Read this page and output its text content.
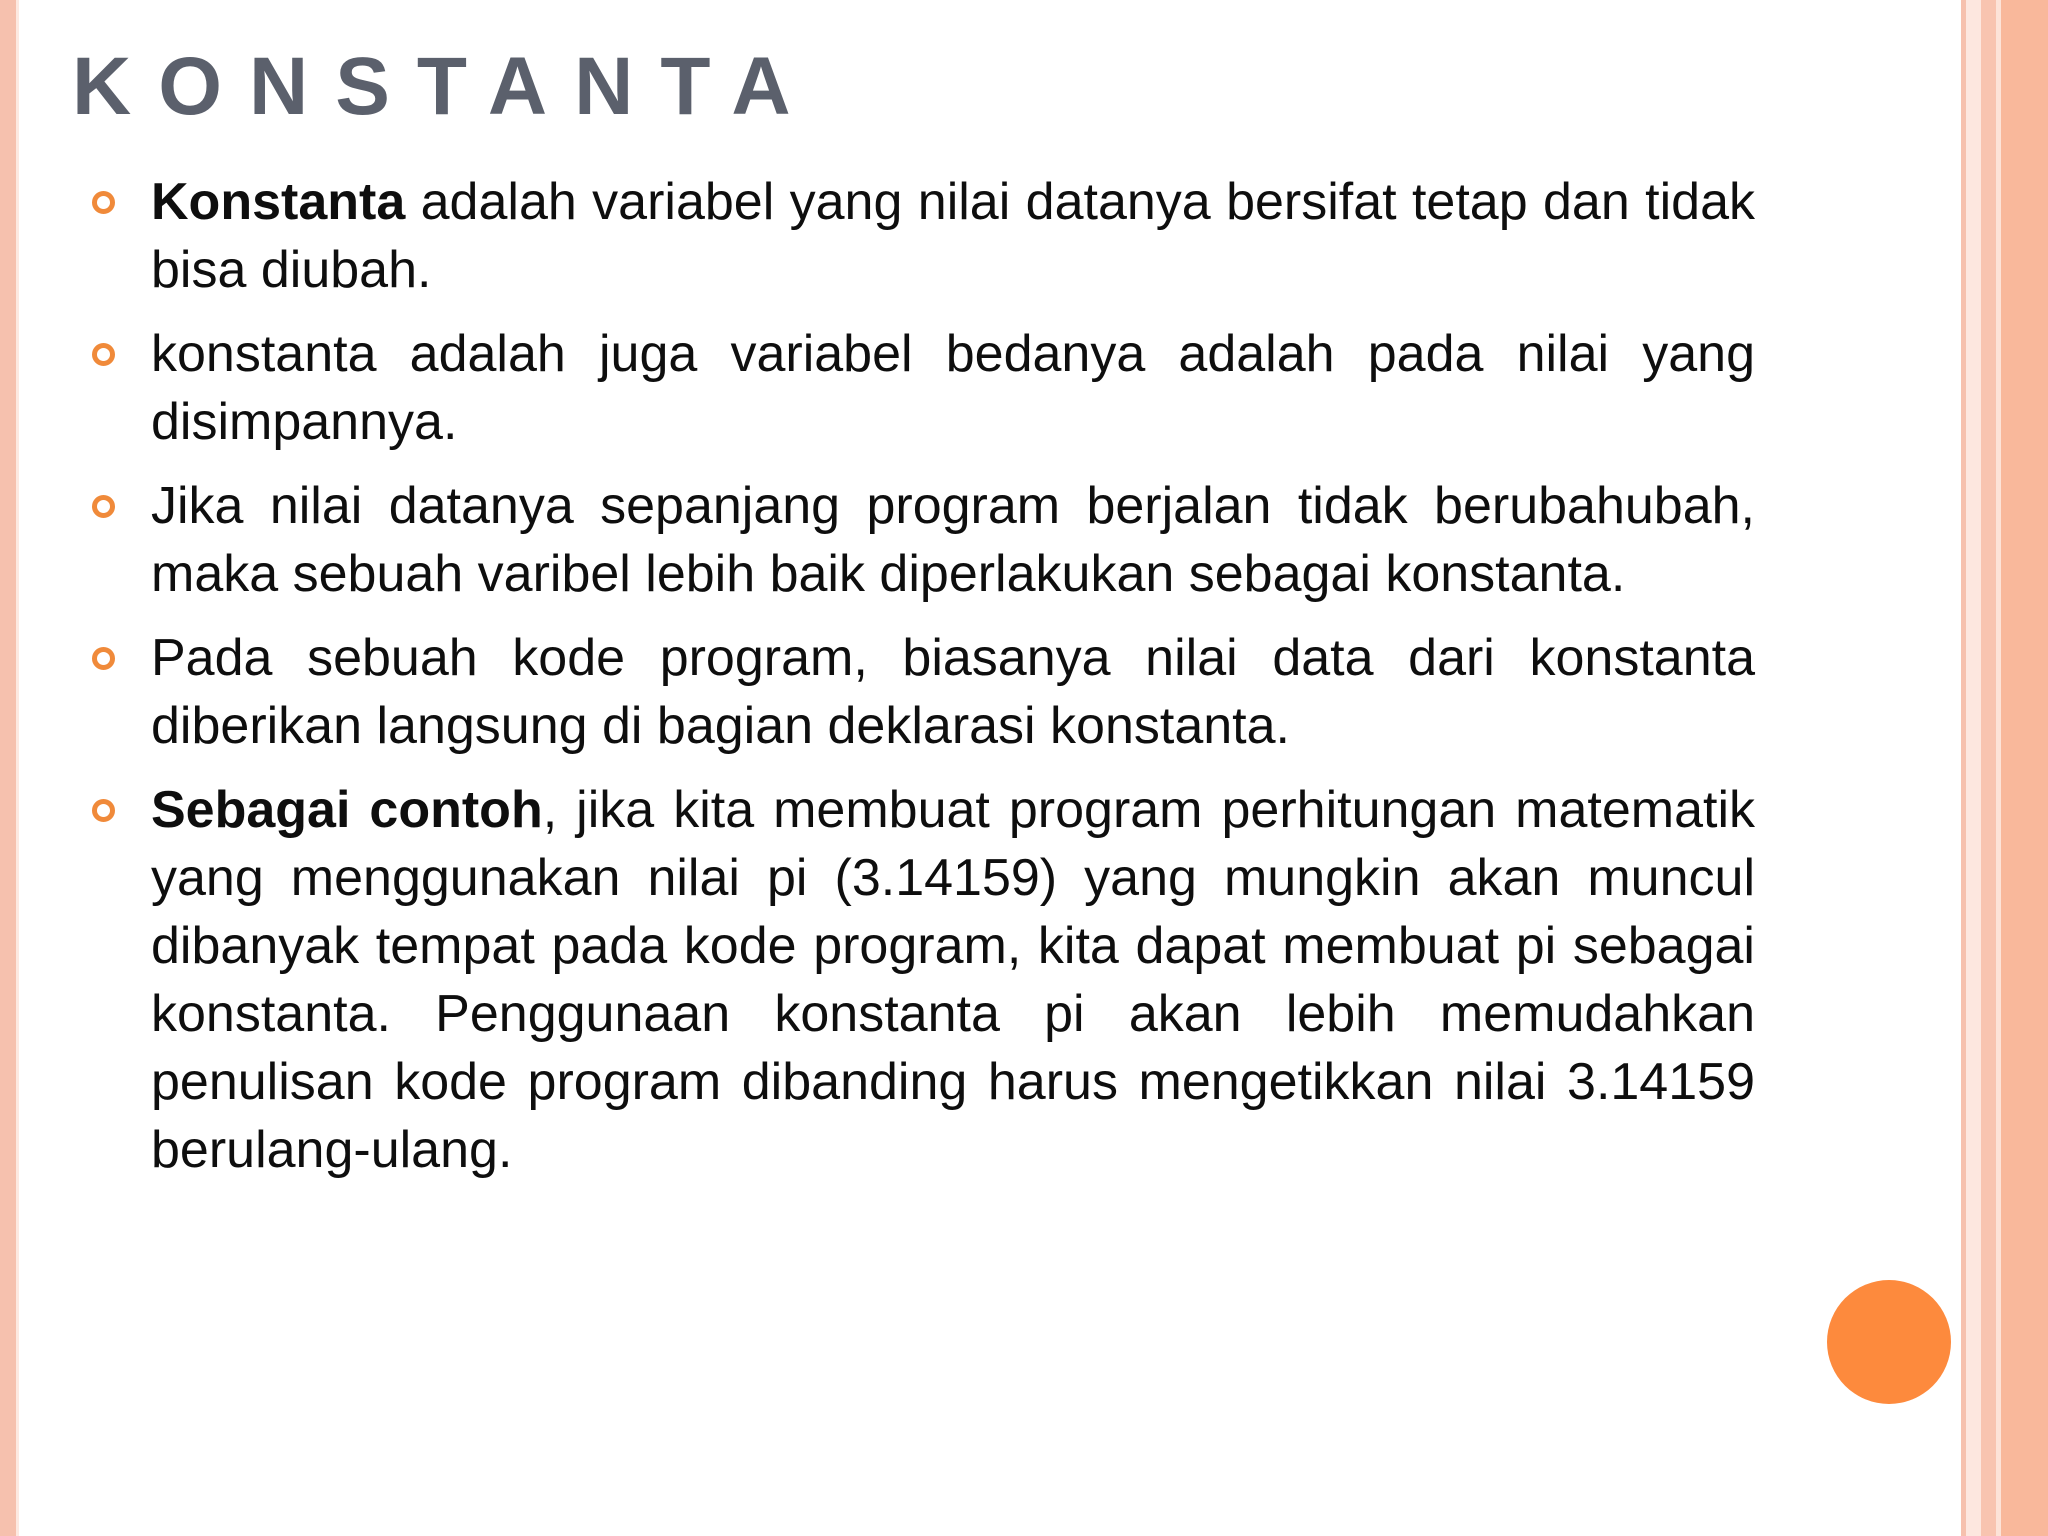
KONSTANTA
Konstanta adalah variabel yang nilai datanya bersifat tetap dan tidak bisa diubah.
konstanta adalah juga variabel bedanya adalah pada nilai yang disimpannya.
Jika nilai datanya sepanjang program berjalan tidak berubahubah, maka sebuah varibel lebih baik diperlakukan sebagai konstanta.
Pada sebuah kode program, biasanya nilai data dari konstanta diberikan langsung di bagian deklarasi konstanta.
Sebagai contoh, jika kita membuat program perhitungan matematik yang menggunakan nilai pi (3.14159) yang mungkin akan muncul dibanyak tempat pada kode program, kita dapat membuat pi sebagai konstanta. Penggunaan konstanta pi akan lebih memudahkan penulisan kode program dibanding harus mengetikkan nilai 3.14159 berulang-ulang.
